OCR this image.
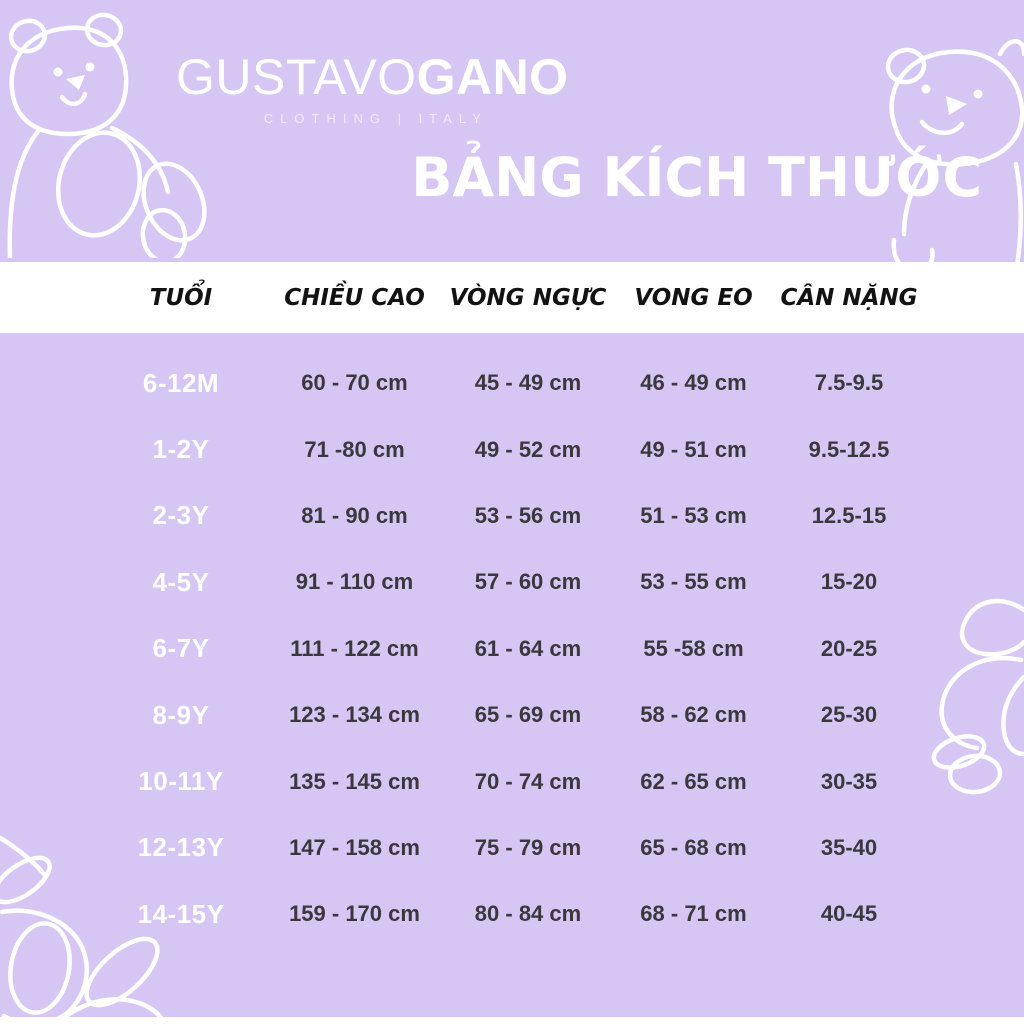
GUSTAVOGANO
CLOTHING | ITALY
BẢNG KÍCH THƯỚC
TUỔI	CHIỀU CAO	VÒNG NGỰC	VONG EO	CÂN NẶNG
6-12M	60 - 70 cm	45 - 49 cm	46 - 49 cm	7.5-9.5
1-2Y	71 -80 cm	49 - 52 cm	49 - 51 cm	9.5-12.5
2-3Y	81 - 90 cm	53 - 56 cm	51 - 53 cm	12.5-15
4-5Y	91 - 110 cm	57 - 60 cm	53 - 55 cm	15-20
6-7Y	111 - 122 cm	61 - 64 cm	55 -58 cm	20-25
8-9Y	123 - 134 cm	65 - 69 cm	58 - 62 cm	25-30
10-11Y	135 - 145 cm	70 - 74 cm	62 - 65 cm	30-35
12-13Y	147 - 158 cm	75 - 79 cm	65 - 68 cm	35-40
14-15Y	159 - 170 cm	80 - 84 cm	68 - 71 cm	40-45
